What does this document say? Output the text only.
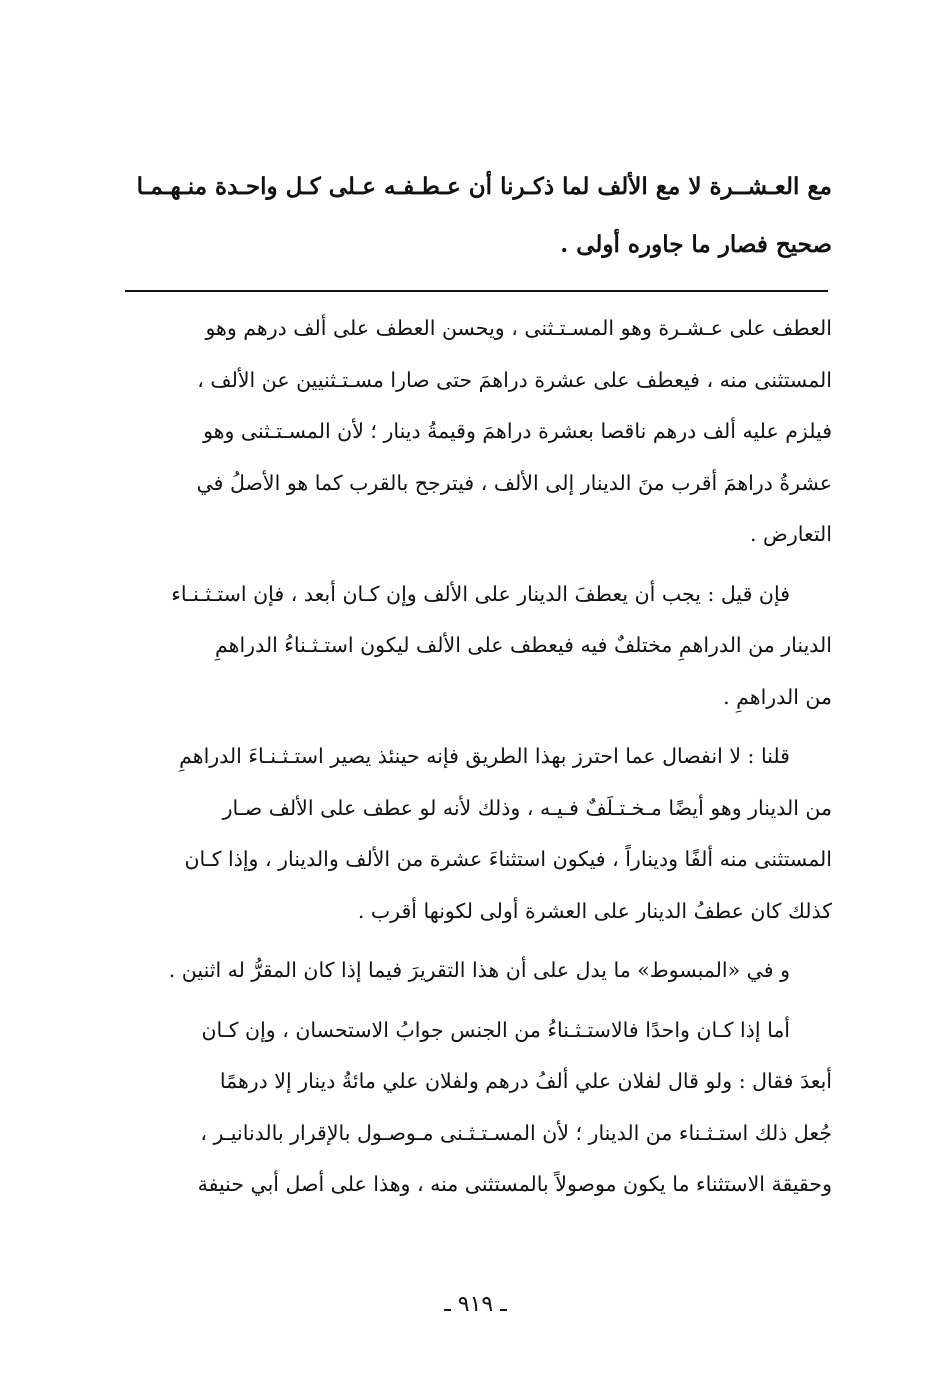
مع العـشــرة لا مع الألف لما ذكـرنا أن عـطـفـه عـلى كـل واحـدة منـهـمـا
صحيح فصار ما جاوره أولى .
العطف على عـشـرة وهو المسـتـثنى ، ويحسن العطف على ألف درهم وهو
المستثنى منه ، فيعطف على عشرة دراهمَ حتى صارا مسـتـثنيين عن الألف ،
فيلزم عليه ألف درهم ناقصا بعشرة دراهمَ وقيمةُ دينار ؛ لأن المسـتـثنى وهو
عشرةُ دراهمَ أقرب منَ الدينار إلى الألف ، فيترجح بالقرب كما هو الأصلُ في
التعارض .
فإن قيل : يجب أن يعطفَ الدينار على الألف وإن كـان أبعد ، فإن استـثـنـاء
الدينار من الدراهمِ مختلفٌ فيه فيعطف على الألف ليكون استـثـناءُ الدراهمِ
من الدراهمِ .
قلنا : لا انفصال عما احترز بهذا الطريق فإنه حينئذ يصير استـثـنـاءَ الدراهمِ
من الدينار وهو أيضًا مـخـتـلَفٌ فـيـه ، وذلك لأنه لو عطف على الألف صـار
المستثنى منه ألفًا وديناراً ، فيكون استثناءَ عشرة من الألف والدينار ، وإذا كـان
كذلك كان عطفُ الدينار على العشرة أولى لكونها أقرب .
و في «المبسوط» ما يدل على أن هذا التقريرَ فيما إذا كان المقرُّ له اثنين .
أما إذا كـان واحدًا فالاستـثـناءُ من الجنس جوابُ الاستحسان ، وإن كـان
أبعدَ فقال : ولو قال لفلان علي ألفُ درهم ولفلان علي مائةُ دينار إلا درهمًا
جُعل ذلك استـثـناء من الدينار ؛ لأن المسـتـثـنى مـوصـول بالإقرار بالدنانيـر ،
وحقيقة الاستثناء ما يكون موصولاً بالمستثنى منه ، وهذا على أصل أبي حنيفة
ـ ٩١٩ ـ
